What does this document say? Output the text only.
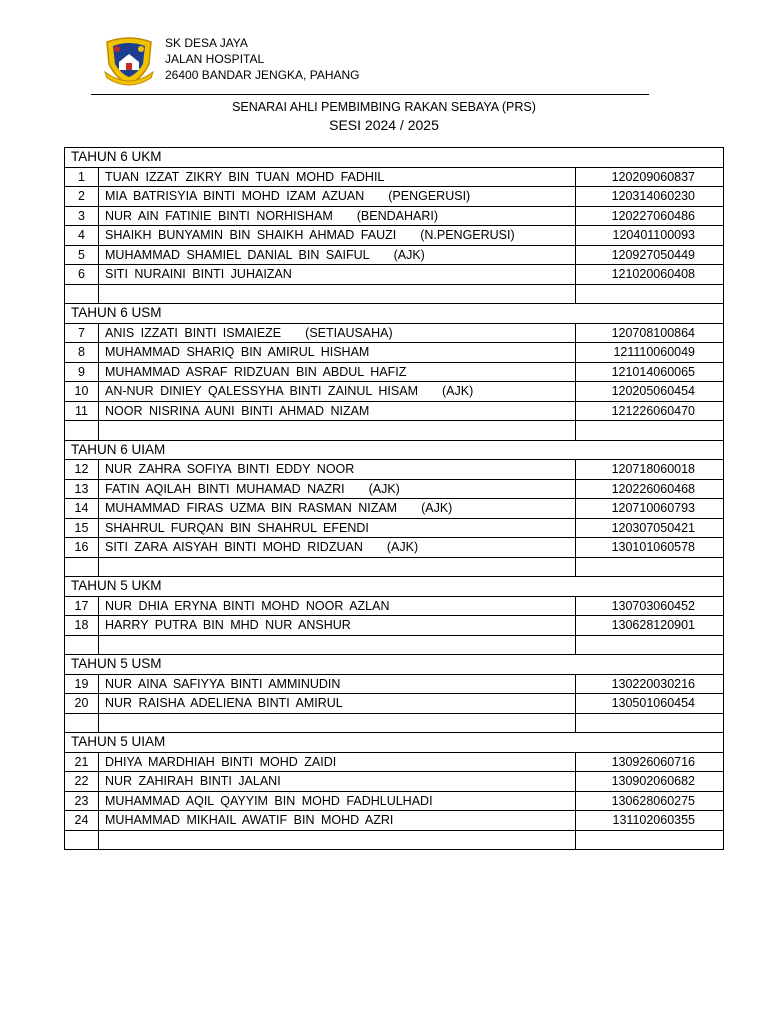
SK DESA JAYA
JALAN HOSPITAL
26400 BANDAR JENGKA, PAHANG
SENARAI AHLI PEMBIMBING RAKAN SEBAYA (PRS)
SESI 2024 / 2025
TAHUN 6 UKM		
1	TUAN IZZAT ZIKRY BIN TUAN MOHD FADHIL	120209060837
2	MIA BATRISYIA BINTI MOHD IZAM AZUAN (PENGERUSI)	120314060230
3	NUR AIN FATINIE BINTI NORHISHAM (BENDAHARI)	120227060486
4	SHAIKH BUNYAMIN BIN SHAIKH AHMAD FAUZI (N.PENGERUSI)	120401100093
5	MUHAMMAD SHAMIEL DANIAL BIN SAIFUL (AJK)	120927050449
6	SITI NURAINI BINTI JUHAIZAN	121020060408

TAHUN 6 USM		
7	ANIS IZZATI BINTI ISMAIEZE (SETIAUSAHA)	120708100864
8	MUHAMMAD SHARIQ BIN AMIRUL HISHAM	121110060049
9	MUHAMMAD ASRAF RIDZUAN BIN ABDUL HAFIZ	121014060065
10	AN-NUR DINIEY QALESSYHA BINTI ZAINUL HISAM (AJK)	120205060454
11	NOOR NISRINA AUNI BINTI AHMAD NIZAM	121226060470

TAHUN 6 UIAM		
12	NUR ZAHRA SOFIYA BINTI EDDY NOOR	120718060018
13	FATIN AQILAH BINTI MUHAMAD NAZRI (AJK)	120226060468
14	MUHAMMAD FIRAS UZMA BIN RASMAN NIZAM (AJK)	120710060793
15	SHAHRUL FURQAN BIN SHAHRUL EFENDI	120307050421
16	SITI ZARA AISYAH BINTI MOHD RIDZUAN (AJK)	130101060578

TAHUN 5 UKM		
17	NUR DHIA ERYNA BINTI MOHD NOOR AZLAN	130703060452
18	HARRY PUTRA BIN MHD NUR ANSHUR	130628120901

TAHUN 5 USM		
19	NUR AINA SAFIYYA BINTI AMMINUDIN	130220030216
20	NUR RAISHA ADELIENA BINTI AMIRUL	130501060454

TAHUN 5 UIAM		
21	DHIYA MARDHIAH BINTI MOHD ZAIDI	130926060716
22	NUR ZAHIRAH BINTI JALANI	130902060682
23	MUHAMMAD AQIL QAYYIM BIN MOHD FADHLULHADI	130628060275
24	MUHAMMAD MIKHAIL AWATIF BIN MOHD AZRI	131102060355
